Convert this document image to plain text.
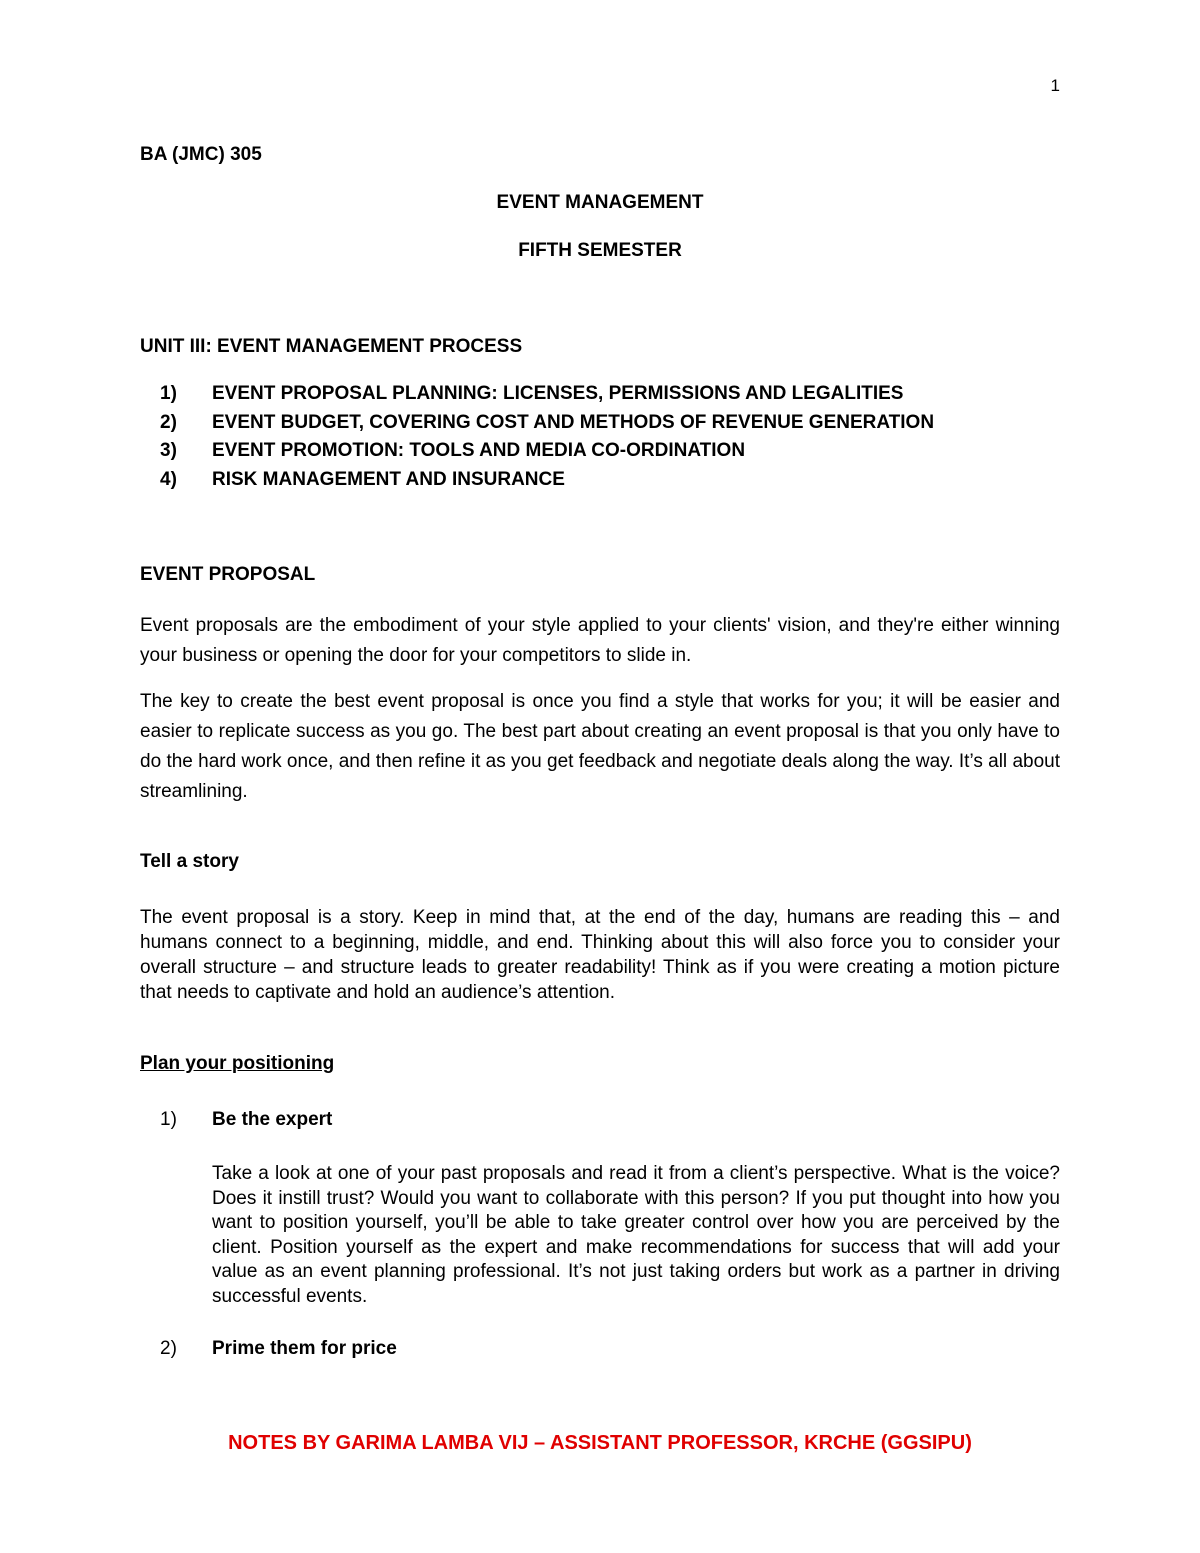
1
BA (JMC) 305
EVENT MANAGEMENT
FIFTH SEMESTER
UNIT III: EVENT MANAGEMENT PROCESS
1)	EVENT PROPOSAL PLANNING: LICENSES, PERMISSIONS AND LEGALITIES
2)	EVENT BUDGET, COVERING COST AND METHODS OF REVENUE GENERATION
3)	EVENT PROMOTION: TOOLS AND MEDIA CO-ORDINATION
4)	RISK MANAGEMENT AND INSURANCE
EVENT PROPOSAL
Event proposals are the embodiment of your style applied to your clients' vision, and they're either winning your business or opening the door for your competitors to slide in.
The key to create the best event proposal is once you find a style that works for you; it will be easier and easier to replicate success as you go. The best part about creating an event proposal is that you only have to do the hard work once, and then refine it as you get feedback and negotiate deals along the way. It’s all about streamlining.
Tell a story
The event proposal is a story. Keep in mind that, at the end of the day, humans are reading this – and humans connect to a beginning, middle, and end. Thinking about this will also force you to consider your overall structure – and structure leads to greater readability! Think as if you were creating a motion picture that needs to captivate and hold an audience’s attention.
Plan your positioning
1) Be the expert
Take a look at one of your past proposals and read it from a client’s perspective. What is the voice? Does it instill trust? Would you want to collaborate with this person? If you put thought into how you want to position yourself, you’ll be able to take greater control over how you are perceived by the client. Position yourself as the expert and make recommendations for success that will add your value as an event planning professional. It’s not just taking orders but work as a partner in driving successful events.
2) Prime them for price
NOTES BY GARIMA LAMBA VIJ – ASSISTANT PROFESSOR, KRCHE (GGSIPU)
